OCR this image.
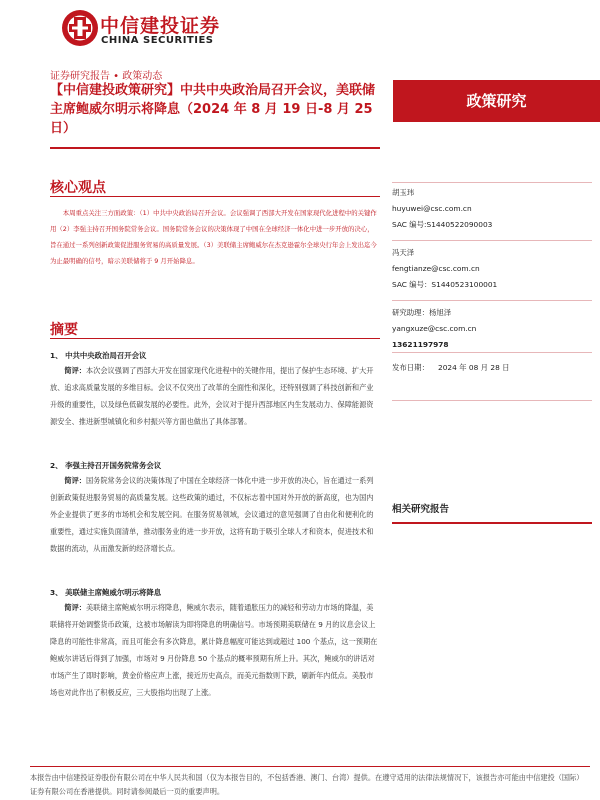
中信建投证券
CHINA SECURITIES
证券研究报告 • 政策动态
【中信建投政策研究】中共中央政治局召开会议，美联储主席鲍威尔明示将降息（2024 年 8 月 19 日-8 月 25 日）
政策研究
核心观点
本周重点关注三方面政策：（1）中共中央政治局召开会议。会议强调了西部大开发在国家现代化进程中的关键作用（2）李强主持召开国务院常务会议。国务院常务会议的决策体现了中国在全球经济一体化中进一步开放的决心，旨在通过一系列创新政策促进服务贸易的高质量发展。（3）美联储主席鲍威尔在杰克逊霍尔全球央行年会上发出迄今为止最明确的信号，暗示美联储将于 9 月开始降息。
摘要
1、 中共中央政治局召开会议
简评：本次会议强调了西部大开发在国家现代化进程中的关键作用，提出了保护生态环境、扩大开放、追求高质量发展的多维目标。会议不仅突出了改革的全面性和深化，还特别强调了科技创新和产业升级的重要性，以及绿色低碳发展的必要性。此外，会议对于提升西部地区内生发展动力、保障能源资源安全、推进新型城镇化和乡村振兴等方面也做出了具体部署。
2、 李强主持召开国务院常务会议
简评：国务院常务会议的决策体现了中国在全球经济一体化中进一步开放的决心，旨在通过一系列创新政策促进服务贸易的高质量发展。这些政策的通过，不仅标志着中国对外开放的新高度，也为国内外企业提供了更多的市场机会和发展空间。在服务贸易领域，会议通过的意见强调了自由化和便利化的重要性，通过实施负面清单，推动服务业的进一步开放，这将有助于吸引全球人才和资本，促进技术和数据的流动，从而激发新的经济增长点。
3、 美联储主席鲍威尔明示将降息
简评：美联储主席鲍威尔明示将降息，鲍威尔表示，随着通胀压力的减轻和劳动力市场的降温，美联储将开始调整货币政策，这被市场解读为即将降息的明确信号。市场预期美联储在 9 月的议息会议上降息的可能性非常高，而且可能会有多次降息，累计降息幅度可能达到或超过 100 个基点，这一预期在鲍威尔讲话后得到了加强，市场对 9 月份降息 50 个基点的概率预期有所上升。其次，鲍威尔的讲话对市场产生了即时影响，黄金价格应声上涨，接近历史高点，而美元指数则下跌，刷新年内低点。美股市场也对此作出了积极反应，三大股指均出现了上涨。
胡玉玮
huyuwei@csc.com.cn
SAC 编号:S1440522090003
冯天泽
fengtianze@csc.com.cn
SAC 编号：S1440523100001
研究助理：杨旭泽
yangxuze@csc.com.cn
13621197978
发布日期：	2024 年 08 月 28 日
相关研究报告
本报告由中信建投证券股份有限公司在中华人民共和国（仅为本报告目的，不包括香港、澳门、台湾）提供。在遵守适用的法律法规情况下，该报告亦可能由中信建投（国际）证券有限公司在香港提供。同时请参阅最后一页的重要声明。
